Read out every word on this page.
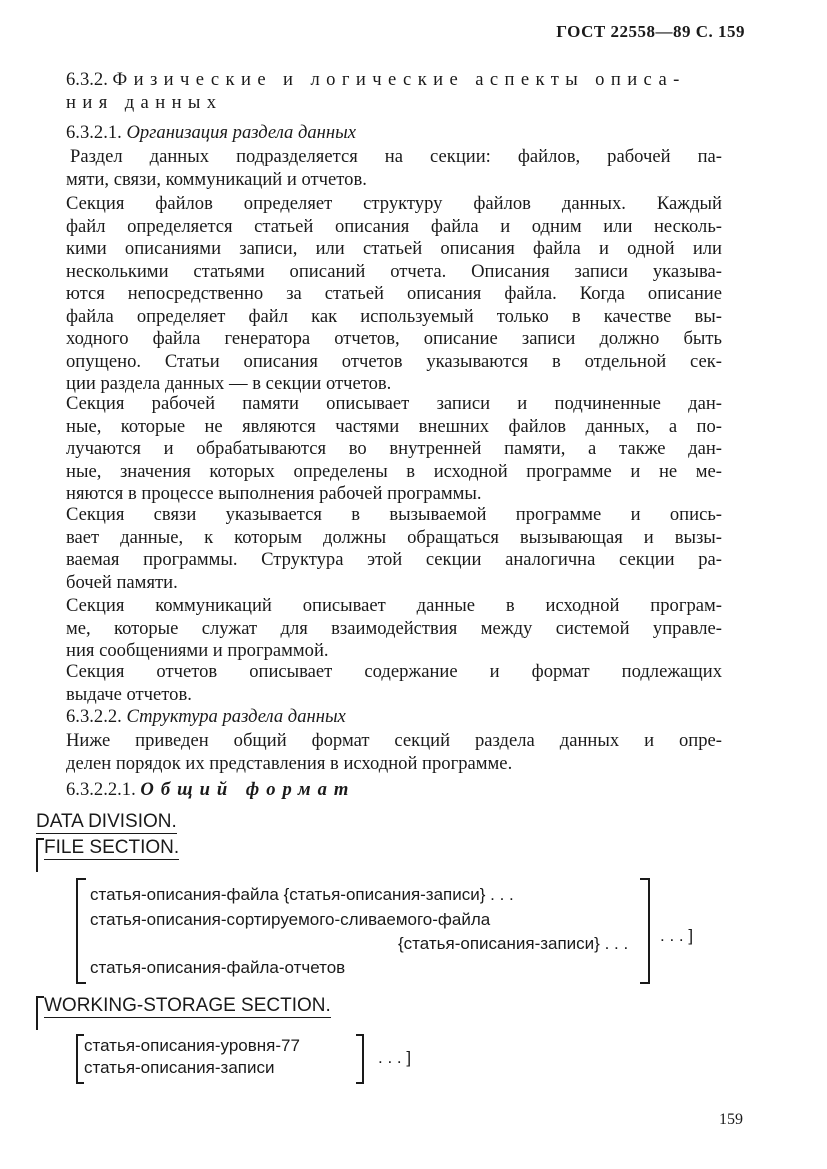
ГОСТ 22558—89 С. 159
6.3.2. Физические и логические аспекты описа-
ния данных
6.3.2.1. Организация раздела данных
Раздел данных подразделяется на секции: файлов, рабочей па-
мяти, связи, коммуникаций и отчетов.
Секция файлов определяет структуру файлов данных. Каждый
файл определяется статьей описания файла и одним или несколь-
кими описаниями записи, или статьей описания файла и одной или
несколькими статьями описаний отчета. Описания записи указыва-
ются непосредственно за статьей описания файла. Когда описание
файла определяет файл как используемый только в качестве вы-
ходного файла генератора отчетов, описание записи должно быть
опущено. Статьи описания отчетов указываются в отдельной сек-
ции раздела данных — в секции отчетов.
Секция рабочей памяти описывает записи и подчиненные дан-
ные, которые не являются частями внешних файлов данных, а по-
лучаются и обрабатываются во внутренней памяти, а также дан-
ные, значения которых определены в исходной программе и не ме-
няются в процессе выполнения рабочей программы.
Секция связи указывается в вызываемой программе и опись-
вает данные, к которым должны обращаться вызывающая и вызы-
ваемая программы. Структура этой секции аналогична секции ра-
бочей памяти.
Секция коммуникаций описывает данные в исходной програм-
ме, которые служат для взаимодействия между системой управле-
ния сообщениями и программой.
Секция отчетов описывает содержание и формат подлежащих
выдаче отчетов.
6.3.2.2. Структура раздела данных
Ниже приведен общий формат секций раздела данных и опре-
делен порядок их представления в исходной программе.
6.3.2.2.1. Общий формат
DATA DIVISION.
FILE SECTION.
статья-описания-файла {статья-описания-записи} . . .
статья-описания-сортируемого-сливаемого-файла
{статья-описания-записи} . . .
статья-описания-файла-отчетов
. . . ]
WORKING-STORAGE SECTION.
статья-описания-уровня-77
статья-описания-записи
. . . ]
159
